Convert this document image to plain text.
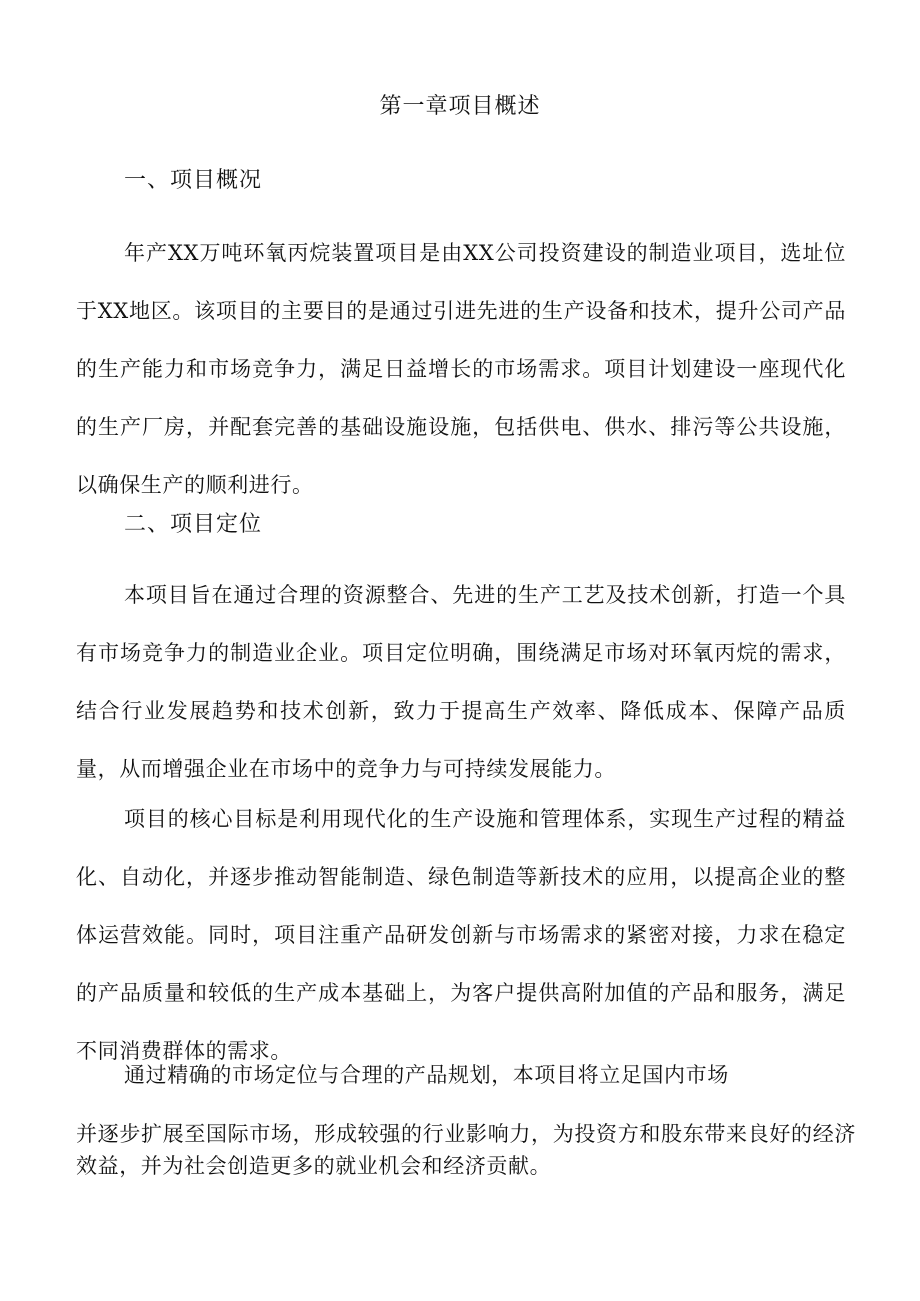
第一章项目概述
一、项目概况
年产XX万吨环氧丙烷装置项目是由XX公司投资建设的制造业项目，选址位于XX地区。该项目的主要目的是通过引进先进的生产设备和技术，提升公司产品的生产能力和市场竞争力，满足日益增长的市场需求。项目计划建设一座现代化的生产厂房，并配套完善的基础设施设施，包括供电、供水、排污等公共设施，以确保生产的顺利进行。
二、项目定位
本项目旨在通过合理的资源整合、先进的生产工艺及技术创新，打造一个具有市场竞争力的制造业企业。项目定位明确，围绕满足市场对环氧丙烷的需求，结合行业发展趋势和技术创新，致力于提高生产效率、降低成本、保障产品质量，从而增强企业在市场中的竞争力与可持续发展能力。
项目的核心目标是利用现代化的生产设施和管理体系，实现生产过程的精益化、自动化，并逐步推动智能制造、绿色制造等新技术的应用，以提高企业的整体运营效能。同时，项目注重产品研发创新与市场需求的紧密对接，力求在稳定的产品质量和较低的生产成本基础上，为客户提供高附加值的产品和服务，满足不同消费群体的需求。
通过精确的市场定位与合理的产品规划，本项目将立足国内市场
并逐步扩展至国际市场，形成较强的行业影响力，为投资方和股东带来良好的经济效益，并为社会创造更多的就业机会和经济贡献。
